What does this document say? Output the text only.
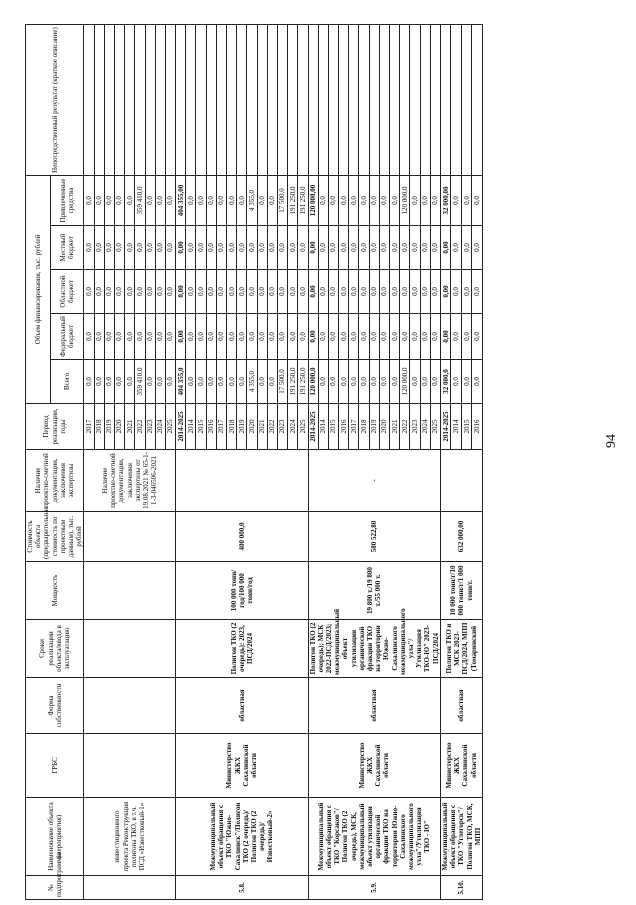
94
№ подпрограммы	Наименование объекта (мероприятия)	ГРБС	Форма собственности	Сроки реализации объекта/ввода в эксплуатацию	Мощность	Стоимость объекта (предварительная стоимость по проектным данным), тыс. рублей	Наличие проектно-сметной документации, заключения экспертизы	Период реализации, годы	Объем финансирования, тыс. рублей					Непосредственный результат (краткое описание)
									Всего	Федеральный бюджет	Областной бюджет	Местный бюджет	Привлеченные средства	
	инвестиционного проекта Реконструкция полигона ТКО, в т.ч. ПСД «Известковый-1»						Наличие проектно-сметной документации, заключения экспертизы от 19.08.2021 № 65-1-1-3-046506-2021	2017	0,0	0,0	0,0	0,0	0,0	
								2018	0,0	0,0	0,0	0,0	0,0	
								2019	0,0	0,0	0,0	0,0	0,0	
								2020	0,0	0,0	0,0	0,0	0,0	
								2021	0,0	0,0	0,0	0,0	0,0	
								2022	359 410,0	0,0	0,0	0,0	359 410,0	
								2023	0,0	0,0	0,0	0,0	0,0	
								2024	0,0	0,0	0,0	0,0	0,0	
								2025	0,0	0,0	0,0	0,0	0,0	
5.8.	Межмуниципальный объект обращения с ТКО "Южно-Сахалинск"/Полигон ТКО (2 очередь)/Полигон ТКО (2 очередь)/Известковый-2»	Министерство ЖКХ Сахалинской области	областная	Полигон ТКО (2 очередь): 2023, ПСД/2024	100 000 тонн/год/100 000 тонн/год	400 000,0		2014-2025	404 355,0	0,00	0,00	0,00	404 355,00	
								2014	0,0	0,0	0,0	0,0	0,0	
								2015	0,0	0,0	0,0	0,0	0,0	
								2016	0,0	0,0	0,0	0,0	0,0	
								2017	0,0	0,0	0,0	0,0	0,0	
								2018	0,0	0,0	0,0	0,0	0,0	
								2019	0,0	0,0	0,0	0,0	0,0	
								2020	4 355,0	0,0	0,0	0,0	4 355,0	
								2021	0,0	0,0	0,0	0,0	0,0	
								2022	0,0	0,0	0,0	0,0	0,0	
								2023	17 500,0	0,0	0,0	0,0	17 500,0	
								2024	191 250,0	0,0	0,0	0,0	191 250,0	
								2025	191 250,0	0,0	0,0	0,0	191 250,0	
5.9.	Межмуниципальный объект обращения с ТКО "Корсаков"/Полигон ТКО (2 очередь), МСК, межмуниципальный объект утилизации органической фракции ТКО на территории Южно-Сахалинского межмуниципального узла"/Утилизация ТКО - Ю"	Министерство ЖКХ Сахалинской области	областная	Полигон ТКО (2 очередь); МСК 2022-ПСД/2023; межмуниципальный объект утилизации органической фракции ТКО на территории Южно-Сахалинского межмуниципального узла"/Утилизация ТКО-Ю" 2023-ПСД/2024	19 800 т./19 800 т./55 000 т.	580 522,80	-	2014-2025	120 000,0	0,00	0,00	0,00	120 000,00	
								2014	0,0	0,0	0,0	0,0	0,0	
								2015	0,0	0,0	0,0	0,0	0,0	
								2016	0,0	0,0	0,0	0,0	0,0	
								2017	0,0	0,0	0,0	0,0	0,0	
								2018	0,0	0,0	0,0	0,0	0,0	
								2019	0,0	0,0	0,0	0,0	0,0	
								2020	0,0	0,0	0,0	0,0	0,0	
								2021	0,0	0,0	0,0	0,0	0,0	
								2022	120 000,0	0,0	0,0	0,0	120 000,0	
								2023	0,0	0,0	0,0	0,0	0,0	
								2024	0,0	0,0	0,0	0,0	0,0	
								2025	0,0	0,0	0,0	0,0	0,0	
5.10.	Межмуниципальный объект обращения с ТКО "Углегорск"/Полигон ТКО, МСК, МПП	Министерство ЖКХ Сахалинской области	областная	Полигон ТКО и МСК 2023-ПСД/2024, МПП (Томаринский	10 000 тонн/г/10 000 тонн/г/1 000 тонн/г.	632 000,00		2014-2025	32 000,0	0,00	0,00	0,00	32 000,00	
								2014	0,0	0,0	0,0	0,0	0,0	
								2015	0,0	0,0	0,0	0,0	0,0	
								2016	0,0	0,0	0,0	0,0	0,0	
